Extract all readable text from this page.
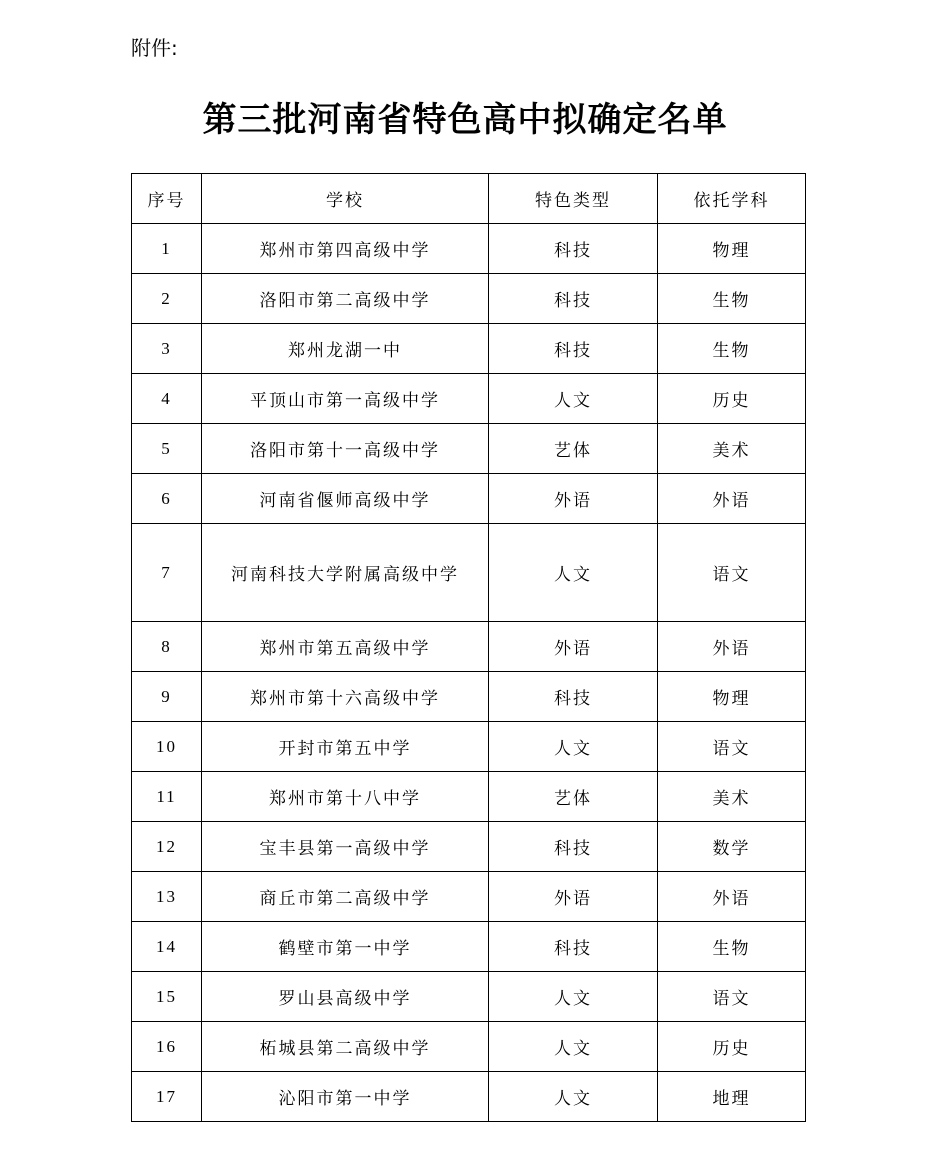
附件:
第三批河南省特色高中拟确定名单
序号	学校	特色类型	依托学科
1	郑州市第四高级中学	科技	物理
2	洛阳市第二高级中学	科技	生物
3	郑州龙湖一中	科技	生物
4	平顶山市第一高级中学	人文	历史
5	洛阳市第十一高级中学	艺体	美术
6	河南省偃师高级中学	外语	外语
7	河南科技大学附属高级中学	人文	语文
8	郑州市第五高级中学	外语	外语
9	郑州市第十六高级中学	科技	物理
10	开封市第五中学	人文	语文
11	郑州市第十八中学	艺体	美术
12	宝丰县第一高级中学	科技	数学
13	商丘市第二高级中学	外语	外语
14	鹤壁市第一中学	科技	生物
15	罗山县高级中学	人文	语文
16	柘城县第二高级中学	人文	历史
17	沁阳市第一中学	人文	地理
